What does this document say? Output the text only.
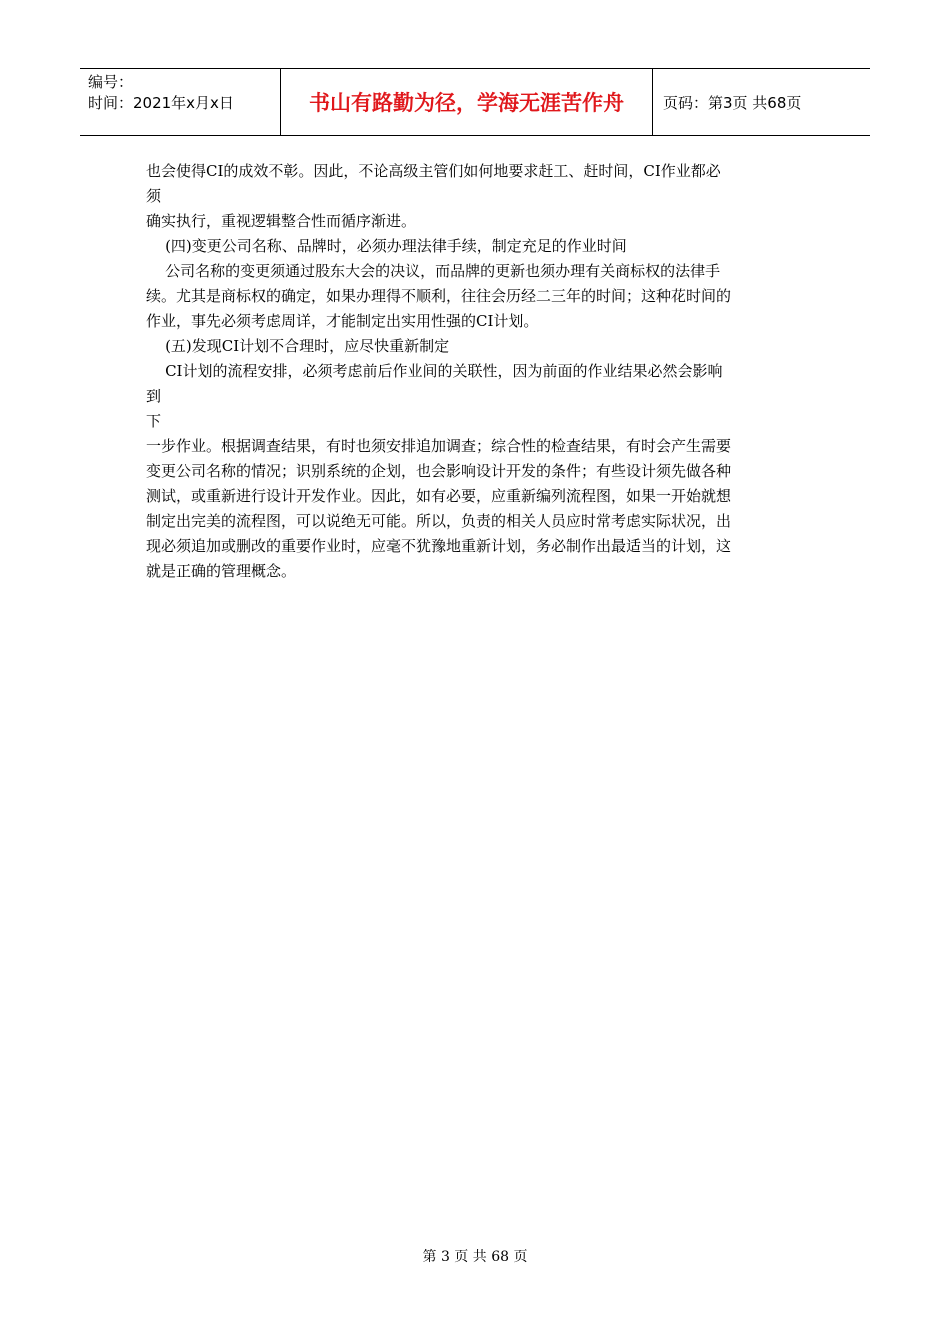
编号：
时间：2021年x月x日	书山有路勤为径，学海无涯苦作舟	页码：第3页 共68页

也会使得CI的成效不彰。因此，不论高级主管们如何地要求赶工、赶时间，CI作业都必

须

确实执行，重视逻辑整合性而循序渐进。

(四)变更公司名称、品牌时，必须办理法律手续，制定充足的作业时间

公司名称的变更须通过股东大会的决议，而品牌的更新也须办理有关商标权的法律手

续。尤其是商标权的确定，如果办理得不顺利，往往会历经二三年的时间；这种花时间的

作业，事先必须考虑周详，才能制定出实用性强的CI计划。

(五)发现CI计划不合理时，应尽快重新制定

CI计划的流程安排，必须考虑前后作业间的关联性，因为前面的作业结果必然会影响

到

下

一步作业。根据调查结果，有时也须安排追加调查；综合性的检查结果，有时会产生需要

变更公司名称的情况；识别系统的企划，也会影响设计开发的条件；有些设计须先做各种

测试，或重新进行设计开发作业。因此，如有必要，应重新编列流程图，如果一开始就想

制定出完美的流程图，可以说绝无可能。所以，负责的相关人员应时常考虑实际状况，出

现必须追加或删改的重要作业时，应毫不犹豫地重新计划，务必制作出最适当的计划，这

就是正确的管理概念。

第 3 页 共 68 页
